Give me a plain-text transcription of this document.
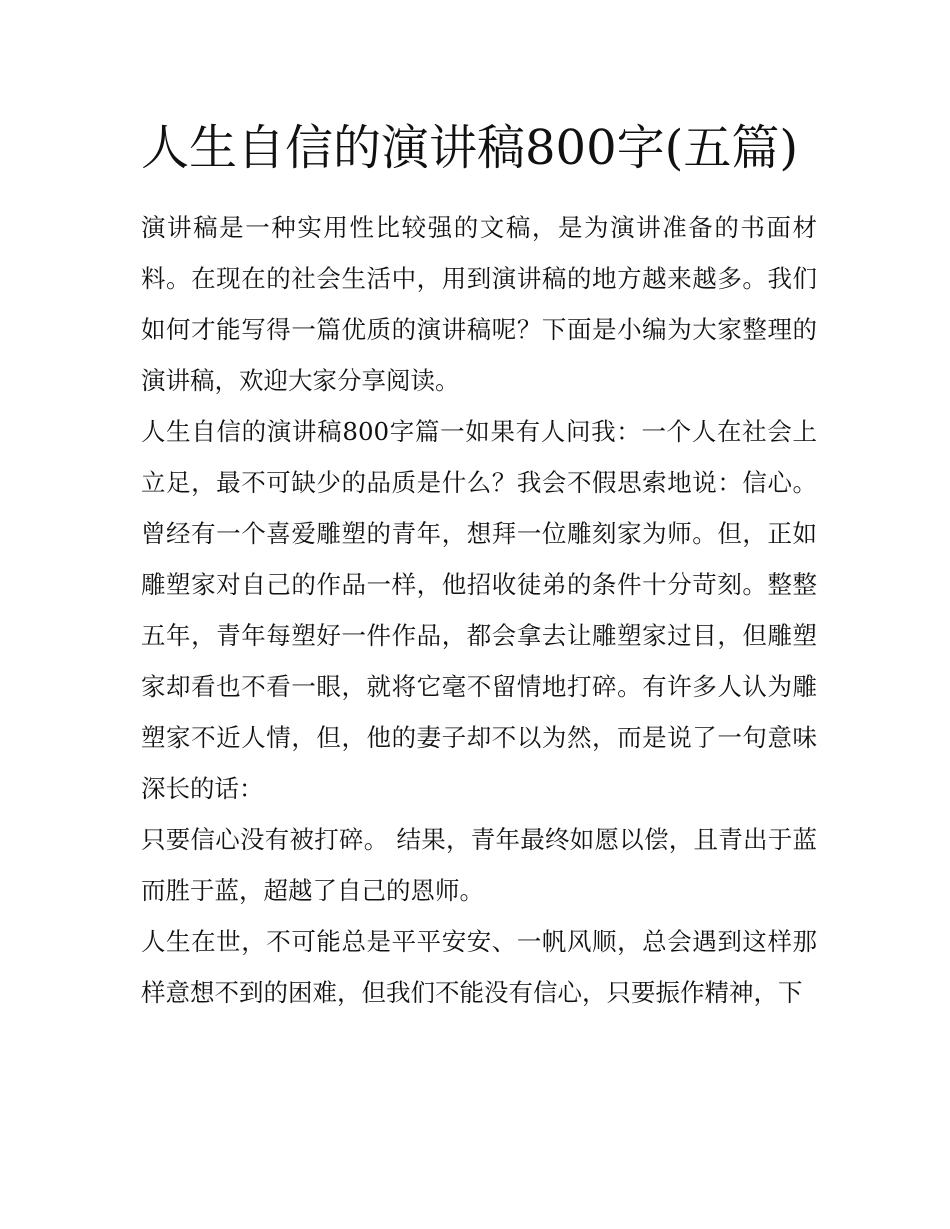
人生自信的演讲稿800字(五篇)

演讲稿是一种实用性比较强的文稿，是为演讲准备的书面材料。在现在的社会生活中，用到演讲稿的地方越来越多。我们如何才能写得一篇优质的演讲稿呢？下面是小编为大家整理的演讲稿，欢迎大家分享阅读。

人生自信的演讲稿800字篇一如果有人问我：一个人在社会上立足，最不可缺少的品质是什么？我会不假思索地说：信心。曾经有一个喜爱雕塑的青年，想拜一位雕刻家为师。但，正如雕塑家对自己的作品一样，他招收徒弟的条件十分苛刻。整整五年，青年每塑好一件作品，都会拿去让雕塑家过目，但雕塑家却看也不看一眼，就将它毫不留情地打碎。有许多人认为雕塑家不近人情，但，他的妻子却不以为然，而是说了一句意味深长的话：

只要信心没有被打碎。 结果，青年最终如愿以偿，且青出于蓝而胜于蓝，超越了自己的恩师。

人生在世，不可能总是平平安安、一帆风顺，总会遇到这样那样意想不到的困难，但我们不能没有信心，只要振作精神，下
